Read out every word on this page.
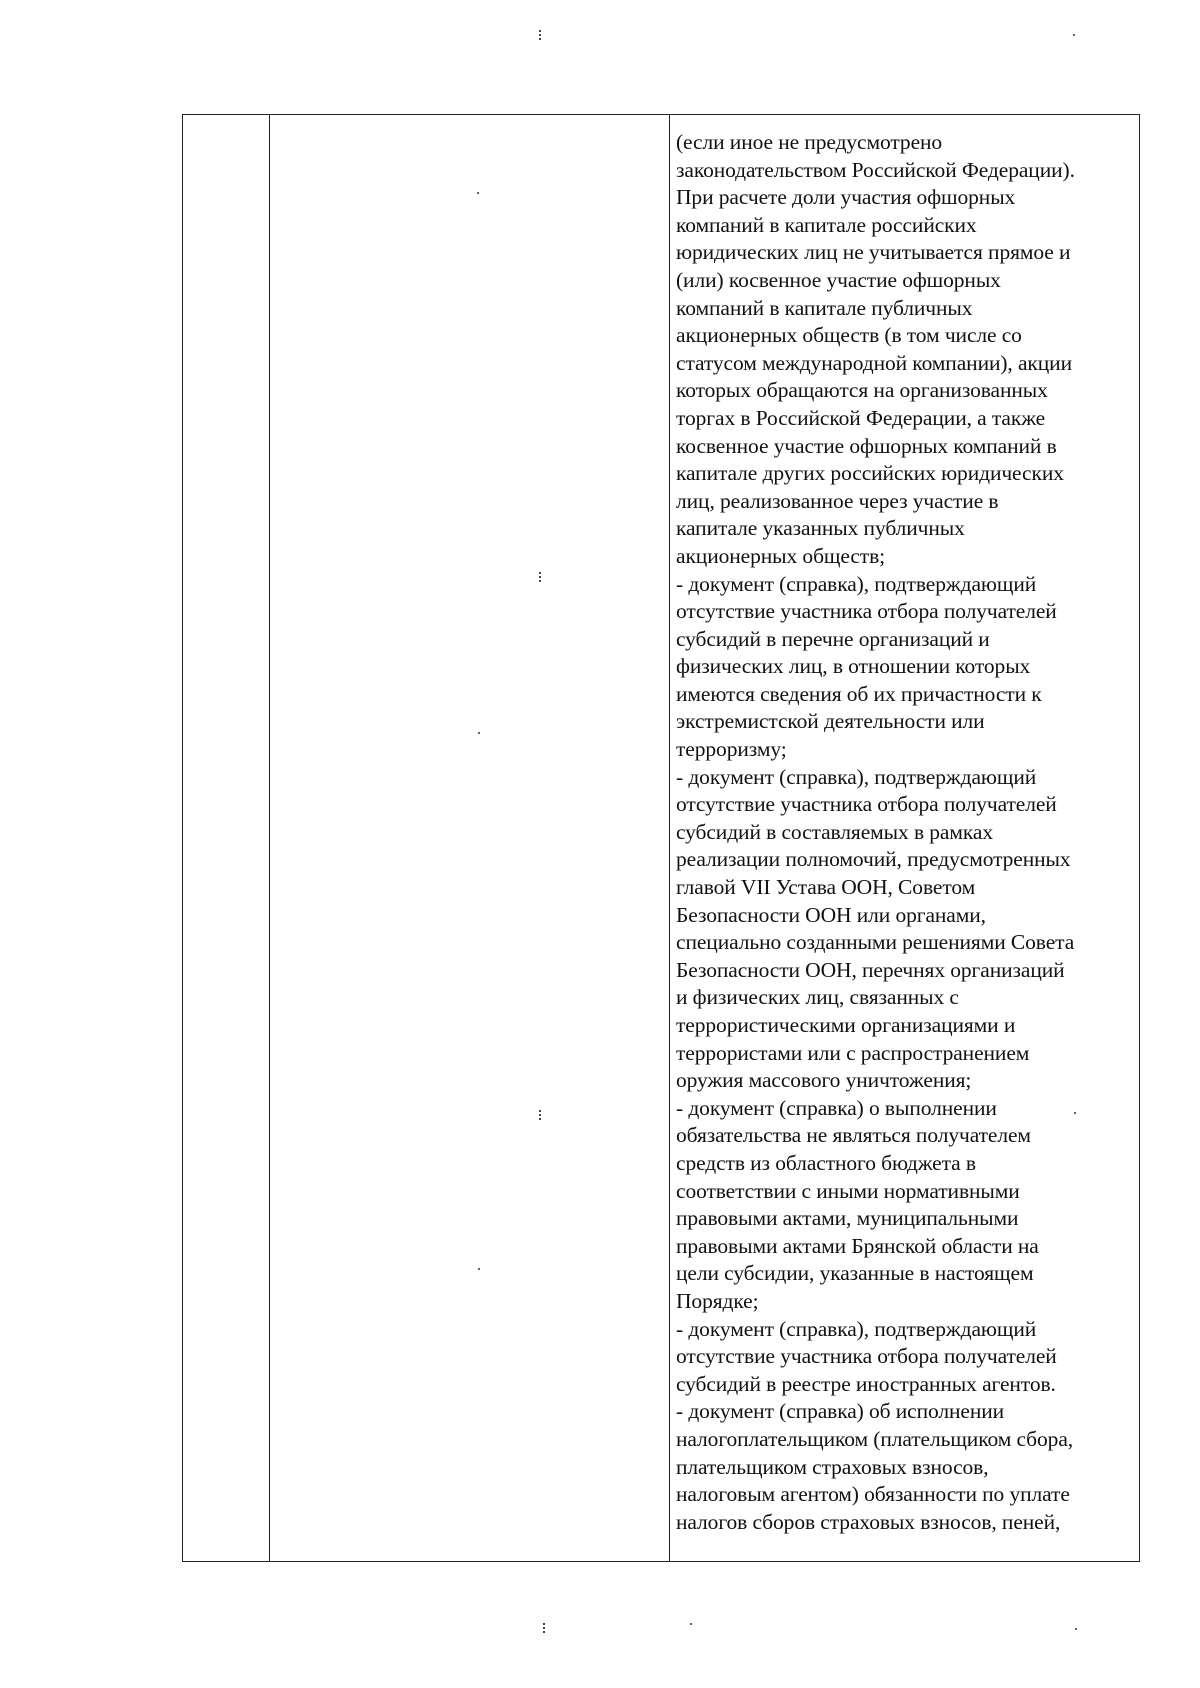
(если иное не предусмотрено
законодательством Российской Федерации).
При расчете доли участия офшорных
компаний в капитале российских
юридических лиц не учитывается прямое и
(или) косвенное участие офшорных
компаний в капитале публичных
акционерных обществ (в том числе со
статусом международной компании), акции
которых обращаются на организованных
торгах в Российской Федерации, а также
косвенное участие офшорных компаний в
капитале других российских юридических
лиц, реализованное через участие в
капитале указанных публичных
акционерных обществ;
- документ (справка), подтверждающий
отсутствие участника отбора получателей
субсидий в перечне организаций и
физических лиц, в отношении которых
имеются сведения об их причастности к
экстремистской деятельности или
терроризму;
- документ (справка), подтверждающий
отсутствие участника отбора получателей
субсидий в составляемых в рамках
реализации полномочий, предусмотренных
главой VII Устава ООН, Советом
Безопасности ООН или органами,
специально созданными решениями Совета
Безопасности ООН, перечнях организаций
и физических лиц, связанных с
террористическими организациями и
террористами или с распространением
оружия массового уничтожения;
- документ (справка) о выполнении
обязательства не являться получателем
средств из областного бюджета в
соответствии с иными нормативными
правовыми актами, муниципальными
правовыми актами Брянской области на
цели субсидии, указанные в настоящем
Порядке;
- документ (справка), подтверждающий
отсутствие участника отбора получателей
субсидий в реестре иностранных агентов.
- документ (справка) об исполнении
налогоплательщиком (плательщиком сбора,
плательщиком страховых взносов,
налоговым агентом) обязанности по уплате
налогов сборов страховых взносов, пеней,
